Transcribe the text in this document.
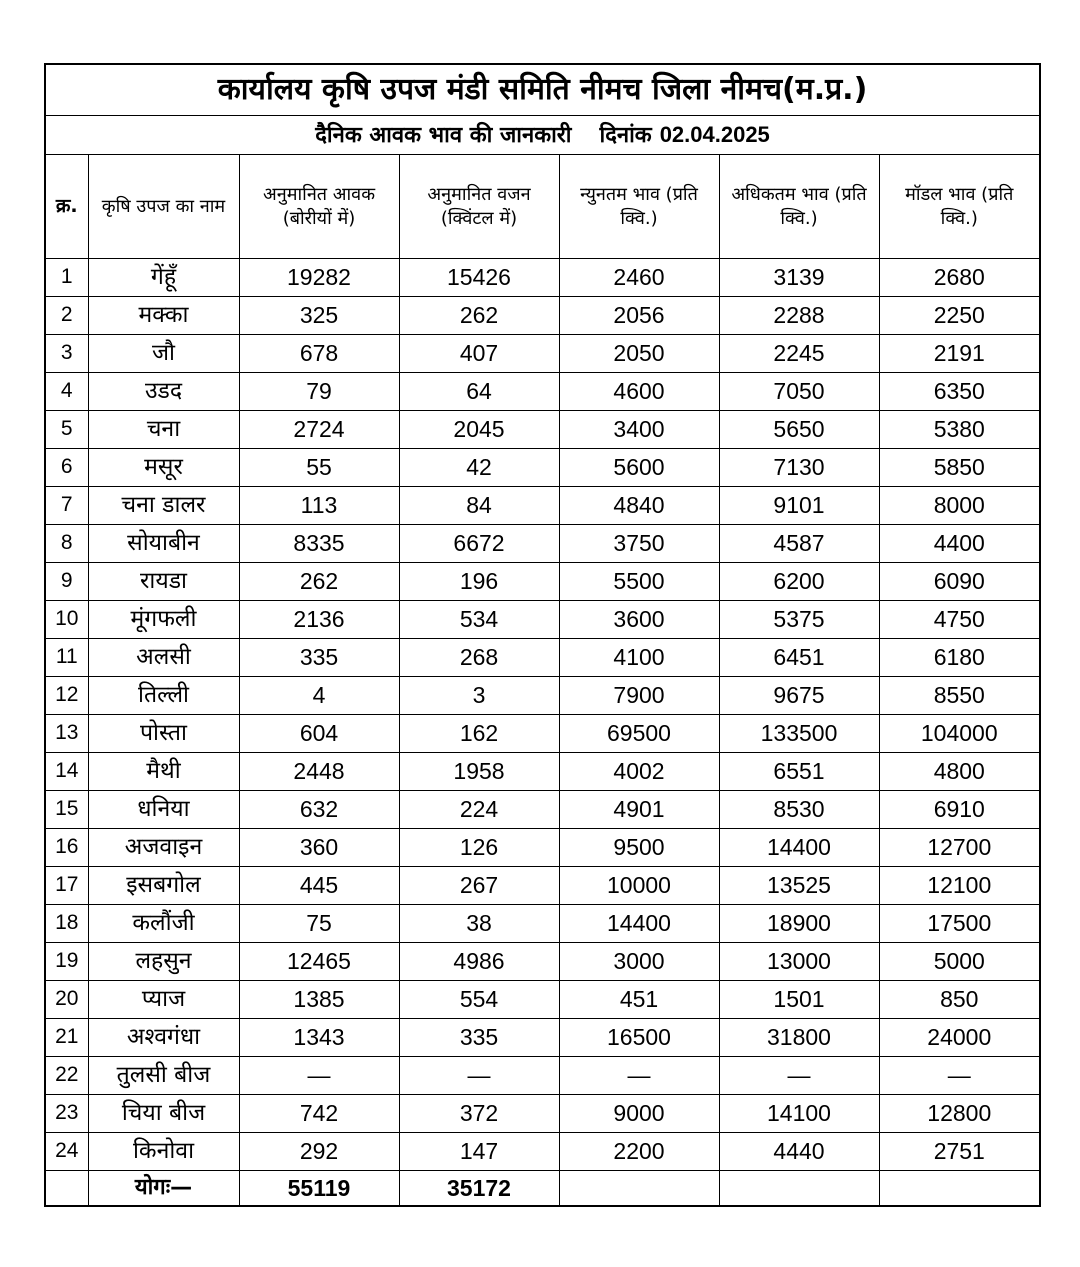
कार्यालय कृषि उपज मंडी समिति नीमच जिला नीमच(म.प्र.)						
दैनिक आवक भाव की जानकारी दिनांक 02.04.2025						
क्र.	कृषि उपज का नाम	अनुमानित आवक (बोरीयों में)	अनुमानित वजन (क्विंटल में)	न्युनतम भाव (प्रति क्वि.)	अधिकतम भाव (प्रति क्वि.)	मॉडल भाव (प्रति क्वि.)
1	गेंहूँ	19282	15426	2460	3139	2680
2	मक्का	325	262	2056	2288	2250
3	जौ	678	407	2050	2245	2191
4	उडद	79	64	4600	7050	6350
5	चना	2724	2045	3400	5650	5380
6	मसूर	55	42	5600	7130	5850
7	चना डालर	113	84	4840	9101	8000
8	सोयाबीन	8335	6672	3750	4587	4400
9	रायडा	262	196	5500	6200	6090
10	मूंगफली	2136	534	3600	5375	4750
11	अलसी	335	268	4100	6451	6180
12	तिल्ली	4	3	7900	9675	8550
13	पोस्ता	604	162	69500	133500	104000
14	मैथी	2448	1958	4002	6551	4800
15	धनिया	632	224	4901	8530	6910
16	अजवाइन	360	126	9500	14400	12700
17	इसबगोल	445	267	10000	13525	12100
18	कलौंजी	75	38	14400	18900	17500
19	लहसुन	12465	4986	3000	13000	5000
20	प्याज	1385	554	451	1501	850
21	अश्वगंधा	1343	335	16500	31800	24000
22	तुलसी बीज	—	—	—	—	—
23	चिया बीज	742	372	9000	14100	12800
24	किनोवा	292	147	2200	4440	2751
	योगः—	55119	35172			
